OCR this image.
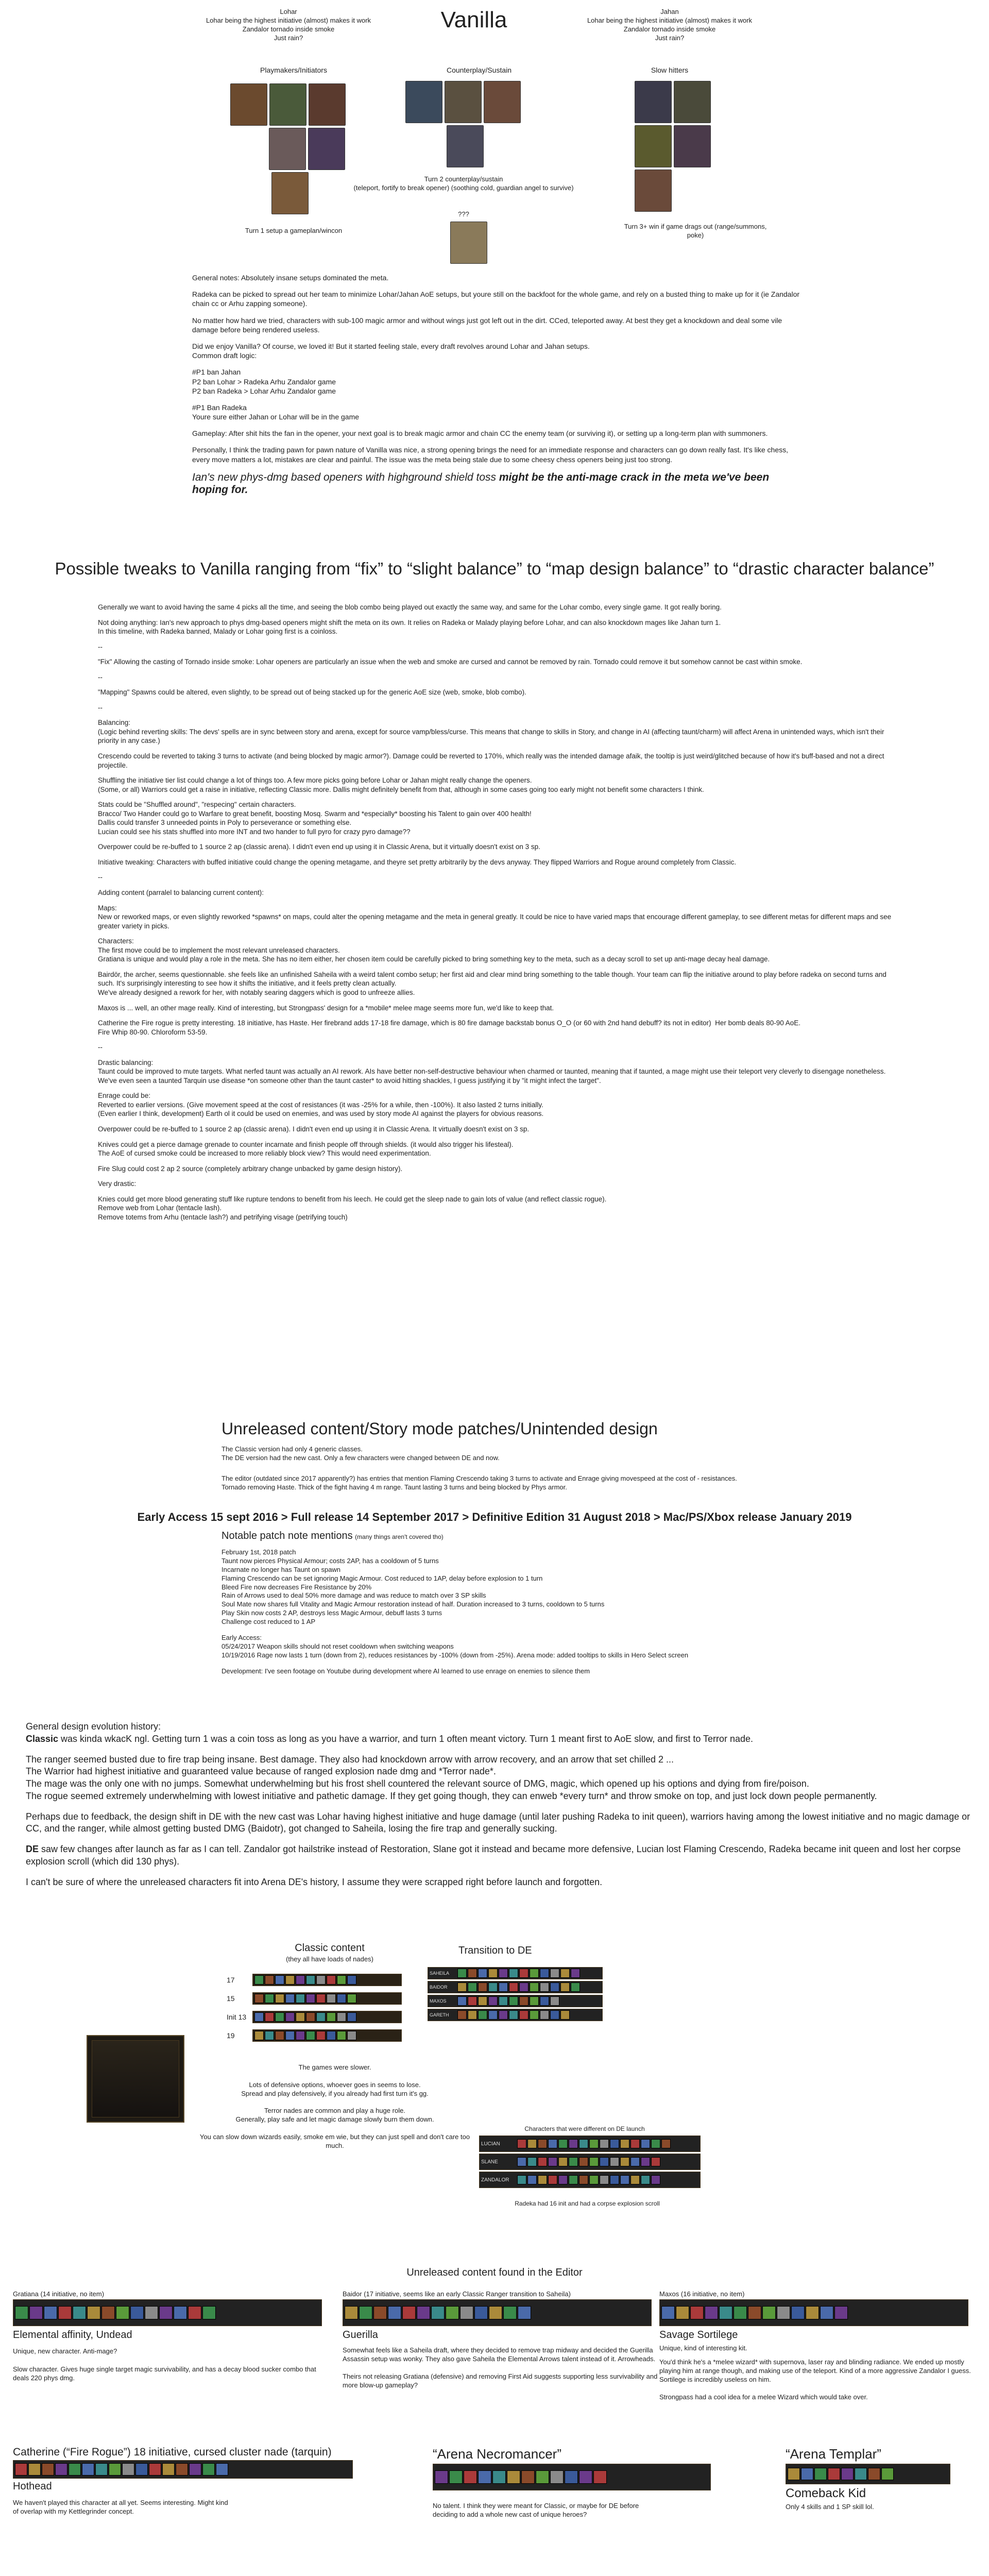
Lohar
Lohar being the highest initiative (almost) makes it work
Zandalor tornado inside smoke
Just rain?
Vanilla	Jahan
Lohar being the highest initiative (almost) makes it work
Zandalor tornado inside smoke
Just rain?
Playmakers/Initiators	Counterplay/Sustain	Slow hitters
Turn 1 setup a gameplan/wincon
Turn 2 counterplay/sustain
(teleport, fortify to break opener) (soothing cold, guardian angel to survive)
???

Turn 3+ win if game drags out (range/summons, poke)

General notes: Absolutely insane setups dominated the meta.

Radeka can be picked to spread out her team to minimize Lohar/Jahan AoE setups, but youre still on the backfoot for the whole game, and rely on a busted thing to make up for it (ie Zandalor chain cc or Arhu zapping someone).

No matter how hard we tried, characters with sub-100 magic armor and without wings just got left out in the dirt. CCed, teleported away. At best they get a knockdown and deal some vile damage before being rendered useless.

Did we enjoy Vanilla? Of course, we loved it! But it started feeling stale, every draft revolves around Lohar and Jahan setups.
Common draft logic:

#P1 ban Jahan
P2 ban Lohar > Radeka Arhu Zandalor game
P2 ban Radeka > Lohar Arhu Zandalor game

#P1 Ban Radeka
Youre sure either Jahan or Lohar will be in the game

Gameplay: After shit hits the fan in the opener, your next goal is to break magic armor and chain CC the enemy team (or surviving it), or setting up a long-term plan with summoners.

Personally, I think the trading pawn for pawn nature of Vanilla was nice, a strong opening brings the need for an immediate response and characters can go down really fast. It's like chess, every move matters a lot, mistakes are clear and painful. The issue was the meta being stale due to some cheesy chess openers being just too strong.

Ian's new phys-dmg based openers with highground shield toss might be the anti-mage crack in the meta we've been hoping for.

Possible tweaks to Vanilla ranging from “fix” to “slight balance” to “map design balance” to “drastic character balance”

Generally we want to avoid having the same 4 picks all the time, and seeing the blob combo being played out exactly the same way, and same for the Lohar combo, every single game. It got really boring.

Not doing anything: Ian's new approach to phys dmg-based openers might shift the meta on its own. It relies on Radeka or Malady playing before Lohar, and can also knockdown mages like Jahan turn 1.
In this timeline, with Radeka banned, Malady or Lohar going first is a coinloss.

--

"Fix" Allowing the casting of Tornado inside smoke: Lohar openers are particularly an issue when the web and smoke are cursed and cannot be removed by rain. Tornado could remove it but somehow cannot be cast within smoke.

--

"Mapping" Spawns could be altered, even slightly, to be spread out of being stacked up for the generic AoE size (web, smoke, blob combo).

--

Balancing:
(Logic behind reverting skills: The devs' spells are in sync between story and arena, except for source vamp/bless/curse. This means that change to skills in Story, and change in AI (affecting taunt/charm) will affect Arena in unintended ways, which isn't their priority in any case.)

Crescendo could be reverted to taking 3 turns to activate (and being blocked by magic armor?). Damage could be reverted to 170%, which really was the intended damage afaik, the tooltip is just weird/glitched because of how it's buff-based and not a direct projectile.

Shuffling the initiative tier list could change a lot of things too. A few more picks going before Lohar or Jahan might really change the openers.
(Some, or all) Warriors could get a raise in initiative, reflecting Classic more. Dallis might definitely benefit from that, although in some cases going too early might not benefit some characters I think.

Stats could be "Shuffled around", "respecing" certain characters.
Bracco/ Two Hander could go to Warfare to great benefit, boosting Mosq. Swarm and *especially* boosting his Talent to gain over 400 health!
Dallis could transfer 3 unneeded points in Poly to perseverance or something else.
Lucian could see his stats shuffled into more INT and two hander to full pyro for crazy pyro damage??

Overpower could be re-buffed to 1 source 2 ap (classic arena). I didn't even end up using it in Classic Arena, but it virtually doesn't exist on 3 sp.

Initiative tweaking: Characters with buffed initiative could change the opening metagame, and theyre set pretty arbitrarily by the devs anyway. They flipped Warriors and Rogue around completely from Classic.

--

Adding content (parralel to balancing current content):

Maps:
New or reworked maps, or even slightly reworked *spawns* on maps, could alter the opening metagame and the meta in general greatly. It could be nice to have varied maps that encourage different gameplay, to see different metas for different maps and see greater variety in picks.

Characters:
The first move could be to implement the most relevant unreleased characters.
Gratiana is unique and would play a role in the meta. She has no item either, her chosen item could be carefully picked to bring something key to the meta, such as a decay scroll to set up anti-mage decay heal damage.

Bairdör, the archer, seems questionnable. she feels like an unfinished Saheila with a weird talent combo setup; her first aid and clear mind bring something to the table though. Your team can flip the initiative around to play before radeka on second turns and such. It's surprisingly interesting to see how it shifts the initiative, and it feels pretty clean actually.
We've already designed a rework for her, with notably searing daggers which is good to unfreeze allies.

Maxos is ... well, an other mage really. Kind of interesting, but Strongpass' design for a *mobile* melee mage seems more fun, we'd like to keep that.

Catherine the Fire rogue is pretty interesting. 18 initiative, has Haste. Her firebrand adds 17-18 fire damage, which is 80 fire damage backstab bonus O_O (or 60 with 2nd hand debuff? its not in editor)  Her bomb deals 80-90 AoE.
Fire Whip 80-90. Chloroform 53-59.

--

Drastic balancing:
Taunt could be improved to mute targets. What nerfed taunt was actually an AI rework. AIs have better non-self-destructive behaviour when charmed or taunted, meaning that if taunted, a mage might use their teleport very cleverly to disengage nonetheless. We've even seen a taunted Tarquin use disease *on someone other than the taunt caster* to avoid hitting shackles, I guess justifying it by "it might infect the target".

Enrage could be:
Reverted to earlier versions. (Give movement speed at the cost of resistances (it was -25% for a while, then -100%). It also lasted 2 turns initially.
(Even earlier I think, development) Earth ol it could be used on enemies, and was used by story mode AI against the players for obvious reasons.

Overpower could be re-buffed to 1 source 2 ap (classic arena). I didn't even end up using it in Classic Arena. It virtually doesn't exist on 3 sp.

Knives could get a pierce damage grenade to counter incarnate and finish people off through shields. (it would also trigger his lifesteal).
The AoE of cursed smoke could be increased to more reliably block view? This would need experimentation.

Fire Slug could cost 2 ap 2 source (completely arbitrary change unbacked by game design history).

Very drastic:

Knies could get more blood generating stuff like rupture tendons to benefit from his leech. He could get the sleep nade to gain lots of value (and reflect classic rogue).
Remove web from Lohar (tentacle lash).
Remove totems from Arhu (tentacle lash?) and petrifying visage (petrifying touch)

Unreleased content/Story mode patches/Unintended design
The Classic version had only 4 generic classes.
The DE version had the new cast. Only a few characters were changed between DE and now.
The editor (outdated since 2017 apparently?) has entries that mention Flaming Crescendo taking 3 turns to activate and Enrage giving movespeed at the cost of - resistances.
Tornado removing Haste. Thick of the fight having 4 m range. Taunt lasting 3 turns and being blocked by Phys armor.
Early Access 15 sept 2016 > Full release 14 September 2017 > Definitive Edition 31 August 2018 > Mac/PS/Xbox release January 2019
Notable patch note mentions (many things aren't covered tho)
February 1st, 2018 patch
Taunt now pierces Physical Armour; costs 2AP, has a cooldown of 5 turns
Incarnate no longer has Taunt on spawn
Flaming Crescendo can be set ignoring Magic Armour. Cost reduced to 1AP, delay before explosion to 1 turn
Bleed Fire now decreases Fire Resistance by 20%
Rain of Arrows used to deal 50% more damage and was reduce to match over 3 SP skills
Soul Mate now shares full Vitality and Magic Armour restoration instead of half. Duration increased to 3 turns, cooldown to 5 turns
Play Skin now costs 2 AP, destroys less Magic Armour, debuff lasts 3 turns
Challenge cost reduced to 1 AP
Early Access:
05/24/2017 Weapon skills should not reset cooldown when switching weapons
10/19/2016 Rage now lasts 1 turn (down from 2), reduces resistances by -100% (down from -25%). Arena mode: added tooltips to skills in Hero Select screen
Development: I've seen footage on Youtube during development where AI learned to use enrage on enemies to silence them

General design evolution history:

Classic was kinda wkacK ngl. Getting turn 1 was a coin toss as long as you have a warrior, and turn 1 often meant victory. Turn 1 meant first to AoE slow, and first to Terror nade.

The ranger seemed busted due to fire trap being insane. Best damage. They also had knockdown arrow with arrow recovery, and an arrow that set chilled 2 ...
The Warrior had highest initiative and guaranteed value because of ranged explosion nade dmg and *Terror nade*.
The mage was the only one with no jumps. Somewhat underwhelming but his frost shell countered the relevant source of DMG, magic, which opened up his options and dying from fire/poison.
The rogue seemed extremely underwhelming with lowest initiative and pathetic damage. If they get going though, they can enweb *every turn* and throw smoke on top, and just lock down people permanently.

Perhaps due to feedback, the design shift in DE with the new cast was Lohar having highest initiative and huge damage (until later pushing Radeka to init queen), warriors having among the lowest initiative and no magic damage or CC, and the ranger, while almost getting busted DMG (Baidotr), got changed to Saheila, losing the fire trap and generally sucking.

DE saw few changes after launch as far as I can tell. Zandalor got hailstrike instead of Restoration, Slane got it instead and became more defensive, Lucian lost Flaming Crescendo, Radeka became init queen and lost her corpse explosion scroll (which did 130 phys).

I can't be sure of where the unreleased characters fit into Arena DE's history, I assume they were scrapped right before launch and forgotten.

Classic content
(they all have loads of nades)
17
15
Init 13
19
The games were slower.

Lots of defensive options, whoever goes in seems to lose.
Spread and play defensively, if you already had first turn it's gg.

Terror nades are common and play a huge role.
Generally, play safe and let magic damage slowly burn them down.

You can slow down wizards easily, smoke em wie, but they can just spell and don't care too much.
Transition to DE
SAHEILA
BAIDOR
MAXOS
GARETH
Characters that were different on DE launch
LUCIAN
SLANE
ZANDALOR
Radeka had 16 init and had a corpse explosion scroll
Unreleased content found in the Editor
Gratiana (14 initiative, no item)
Elemental affinity, Undead
Unique, new character. Anti-mage?
Slow character. Gives huge single target magic survivability, and has a decay blood sucker combo that deals 220 phys dmg.
Baidor (17 initiative, seems like an early Classic Ranger transition to Saheila)
Guerilla
Somewhat feels like a Saheila draft, where they decided to remove trap midway and decided the Guerilla Assassin setup was wonky. They also gave Saheila the Elemental Arrows talent instead of it. Arrowheads.

Theirs not releasing Gratiana (defensive) and removing First Aid suggests supporting less survivability and more blow-up gameplay?
Maxos (16 initiative, no item)
Savage Sortilege
Unique, kind of interesting kit.
You'd think he's a *melee wizard* with supernova, laser ray and blinding radiance. We ended up mostly playing him at range though, and making use of the teleport. Kind of a more aggressive Zandalor I guess. Sortilege is incredibly useless on him.

Strongpass had a cool idea for a melee Wizard which would take over.
Catherine (“Fire Rogue”) 18 initiative, cursed cluster nade (tarquin)
Hothead
We haven't played this character at all yet. Seems interesting. Might kind of overlap with my Kettlegrinder concept.
“Arena Necromancer”
No talent. I think they were meant for Classic, or maybe for DE before deciding to add a whole new cast of unique heroes?
“Arena Templar”
Comeback Kid
Only 4 skills and 1 SP skill lol.
